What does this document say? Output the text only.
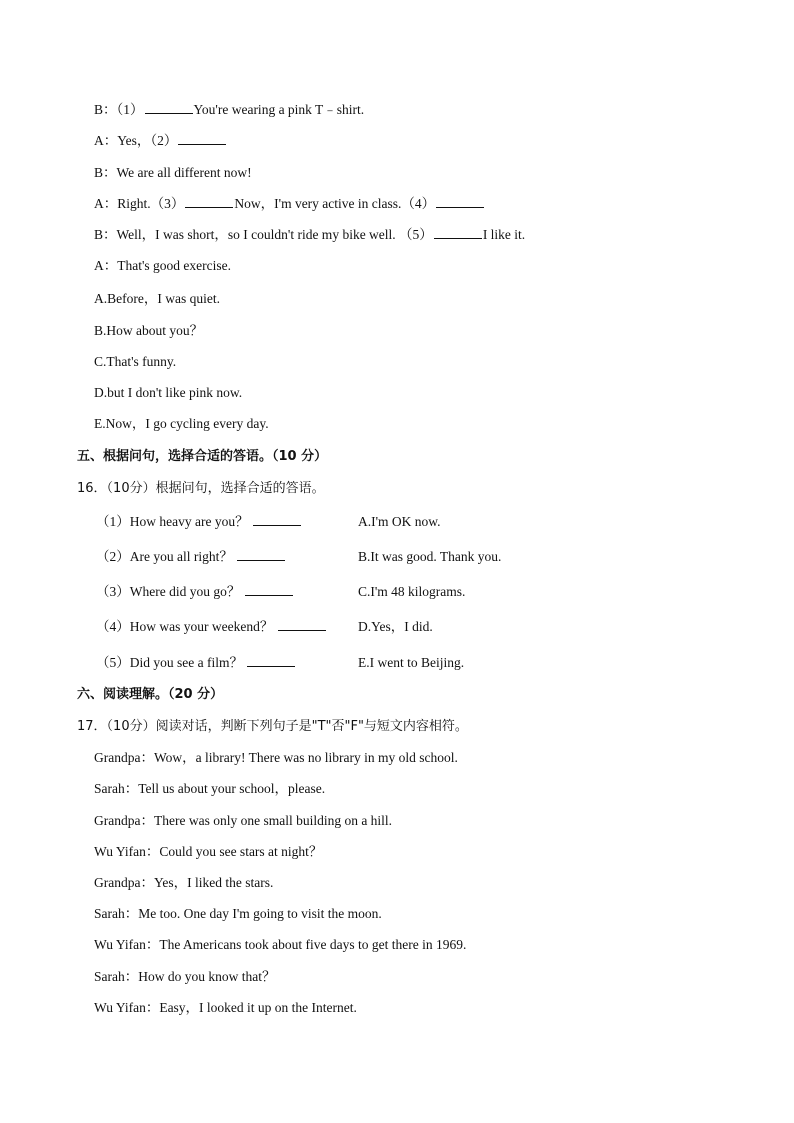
B：（1）	You're wearing a pink T﹣shirt.
A：Yes，（2）
B：We are all different now!
A：Right.（3）	Now，I'm very active in class.（4）
B：Well，I was short，so I couldn't ride my bike well. （5）	I like it.
A：That's good exercise.
A.Before，I was quiet.
B.How about you？
C.That's funny.
D.but I don't like pink now.
E.Now，I go cycling every day.
五、根据问句，选择合适的答语。（10 分）
16．（10分）根据问句，选择合适的答语。
（1）How heavy are you？	A.I'm OK now.
（2）Are you all right？	B.It was good. Thank you.
（3）Where did you go？	C.I'm 48 kilograms.
（4）How was your weekend？	D.Yes，I did.
（5）Did you see a film？	E.I went to Beijing.
六、阅读理解。（20 分）
17．（10分）阅读对话，判断下列句子是"T"否"F"与短文内容相符。
Grandpa：Wow，a library! There was no library in my old school.
Sarah：Tell us about your school，please.
Grandpa：There was only one small building on a hill.
Wu Yifan：Could you see stars at night？
Grandpa：Yes，I liked the stars.
Sarah：Me too. One day I'm going to visit the moon.
Wu Yifan：The Americans took about five days to get there in 1969.
Sarah：How do you know that？
Wu Yifan：Easy，I looked it up on the Internet.
